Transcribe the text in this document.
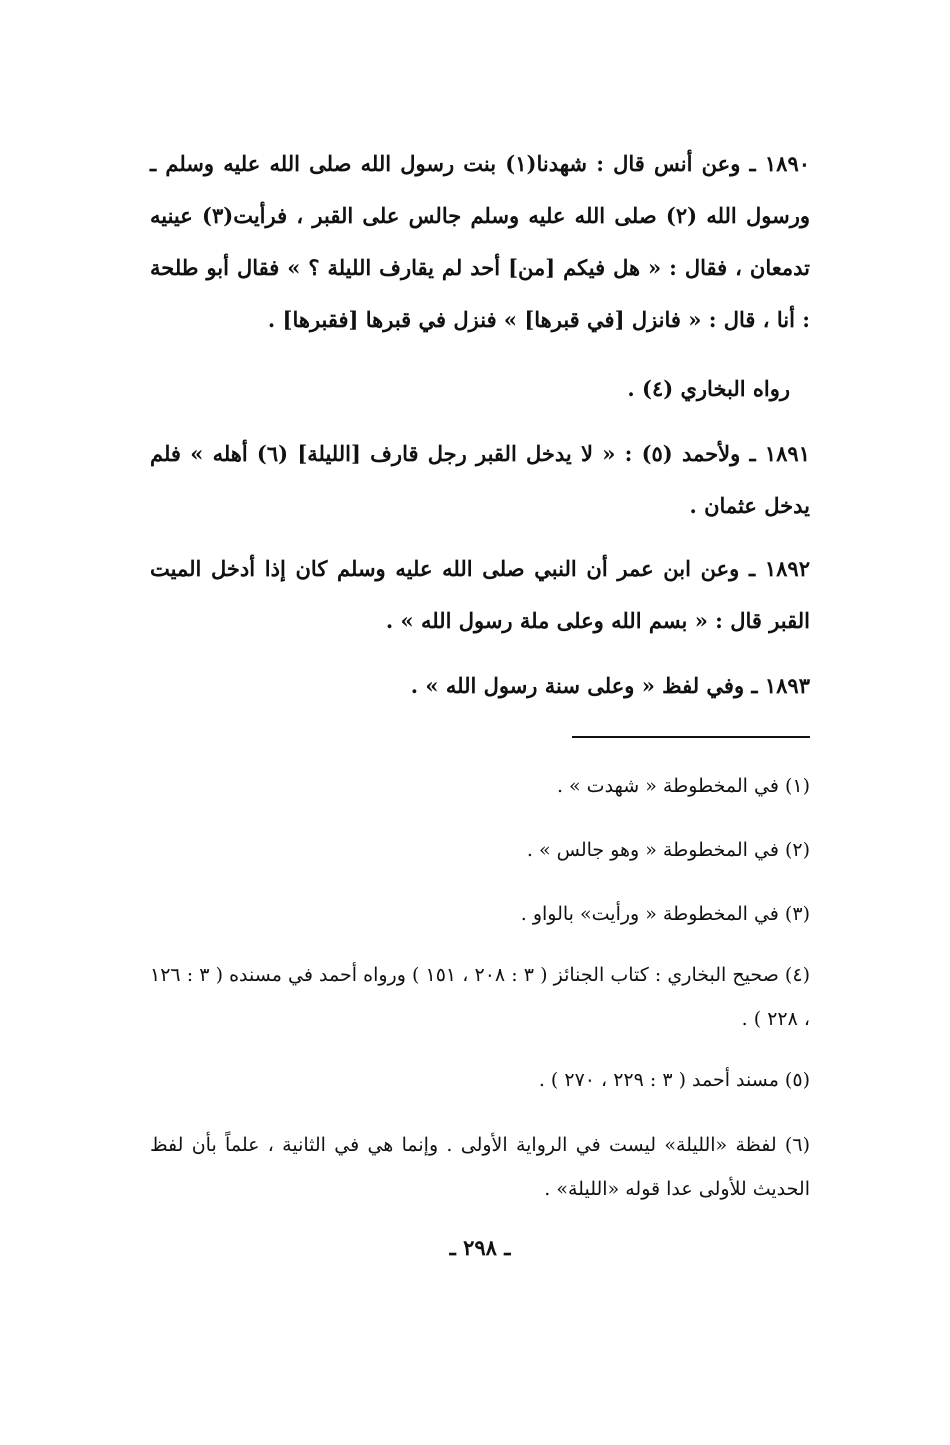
١٨٩٠ ـ وعن أنس قال : شهدنا(١) بنت رسول الله صلى الله عليه وسلم ـ ورسول الله (٢) صلى الله عليه وسلم جالس على القبر ، فرأيت(٣) عينيه تدمعان ، فقال : « هل فيكم [من] أحد لم يقارف الليلة ؟ » فقال أبو طلحة : أنا ، قال : « فانزل [في قبرها] » فنزل في قبرها [فقبرها] .

رواه البخاري (٤) .

١٨٩١ ـ ولأحمد (٥) : « لا يدخل القبر رجل قارف [الليلة] (٦) أهله » فلم يدخل عثمان .

١٨٩٢ ـ وعن ابن عمر أن النبي صلى الله عليه وسلم كان إذا أدخل الميت القبر قال : « بسم الله وعلى ملة رسول الله » .

١٨٩٣ ـ وفي لفظ « وعلى سنة رسول الله » .

(١) في المخطوطة « شهدت » .

(٢) في المخطوطة « وهو جالس » .

(٣) في المخطوطة « ورأيت» بالواو .

(٤) صحيح البخاري : كتاب الجنائز ( ٣ : ٢٠٨ ، ١٥١ ) ورواه أحمد في مسنده ( ٣ : ١٢٦ ، ٢٢٨ ) .

(٥) مسند أحمد ( ٣ : ٢٢٩ ، ٢٧٠ ) .

(٦) لفظة «الليلة» ليست في الرواية الأولى . وإنما هي في الثانية ، علماً بأن لفظ الحديث للأولى عدا قوله «الليلة» .

ـ ٢٩٨ ـ
